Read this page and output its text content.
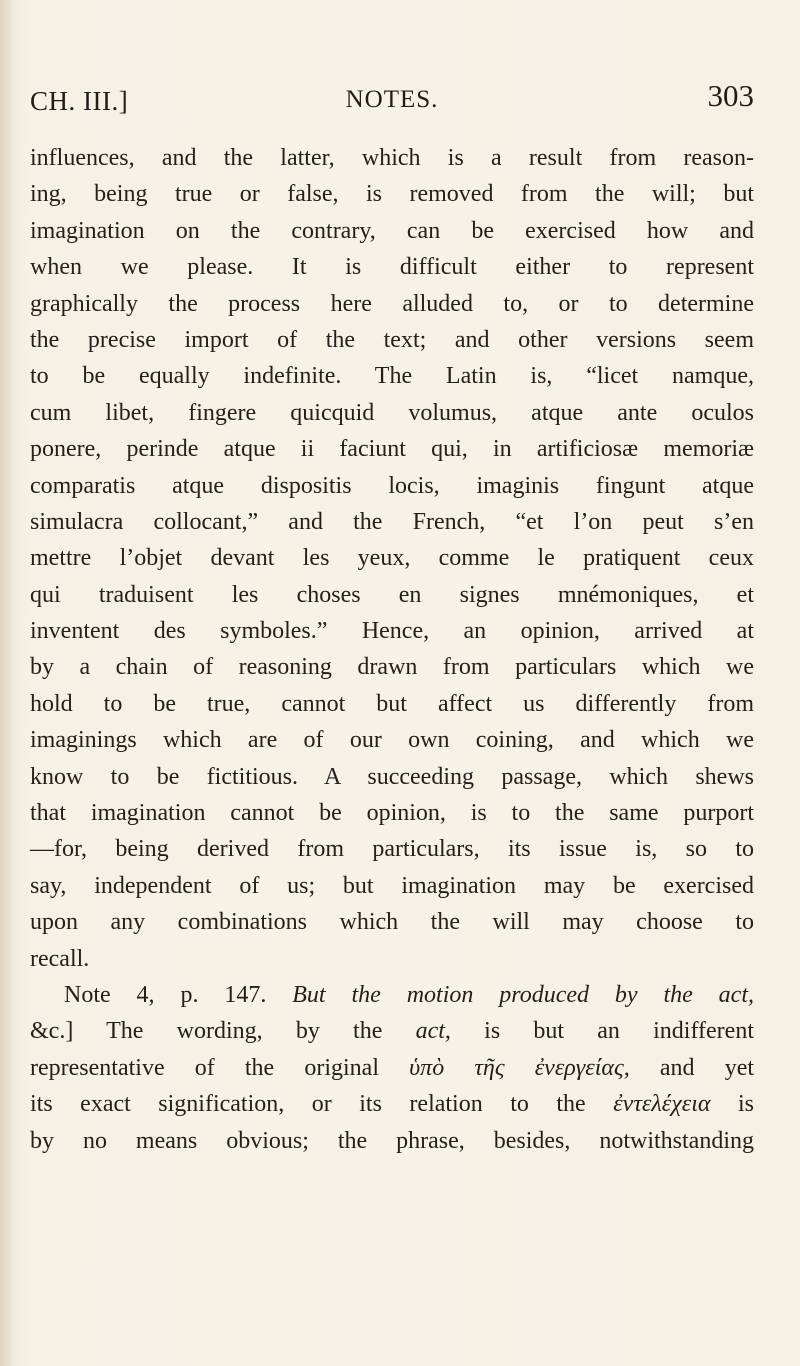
CH. III.]	NOTES.	303
influences, and the latter, which is a result from reason-
ing, being true or false, is removed from the will; but
imagination on the contrary, can be exercised how and
when we please. It is difficult either to represent
graphically the process here alluded to, or to determine
the precise import of the text; and other versions seem
to be equally indefinite. The Latin is, “licet namque,
cum libet, fingere quicquid volumus, atque ante oculos
ponere, perinde atque ii faciunt qui, in artificiosæ memoriæ
comparatis atque dispositis locis, imaginis fingunt atque
simulacra collocant,” and the French, “et l’on peut s’en
mettre l’objet devant les yeux, comme le pratiquent ceux
qui traduisent les choses en signes mnémoniques, et
inventent des symboles.” Hence, an opinion, arrived at
by a chain of reasoning drawn from particulars which we
hold to be true, cannot but affect us differently from
imaginings which are of our own coining, and which we
know to be fictitious. A succeeding passage, which shews
that imagination cannot be opinion, is to the same purport
—for, being derived from particulars, its issue is, so to
say, independent of us; but imagination may be exercised
upon any combinations which the will may choose to
recall.
Note 4, p. 147. But the motion produced by the act,
&c.] The wording, by the act, is but an indifferent
representative of the original ὑπὸ τῆς ἐνεργείας, and yet
its exact signification, or its relation to the ἐντελέχεια is
by no means obvious; the phrase, besides, notwithstanding
